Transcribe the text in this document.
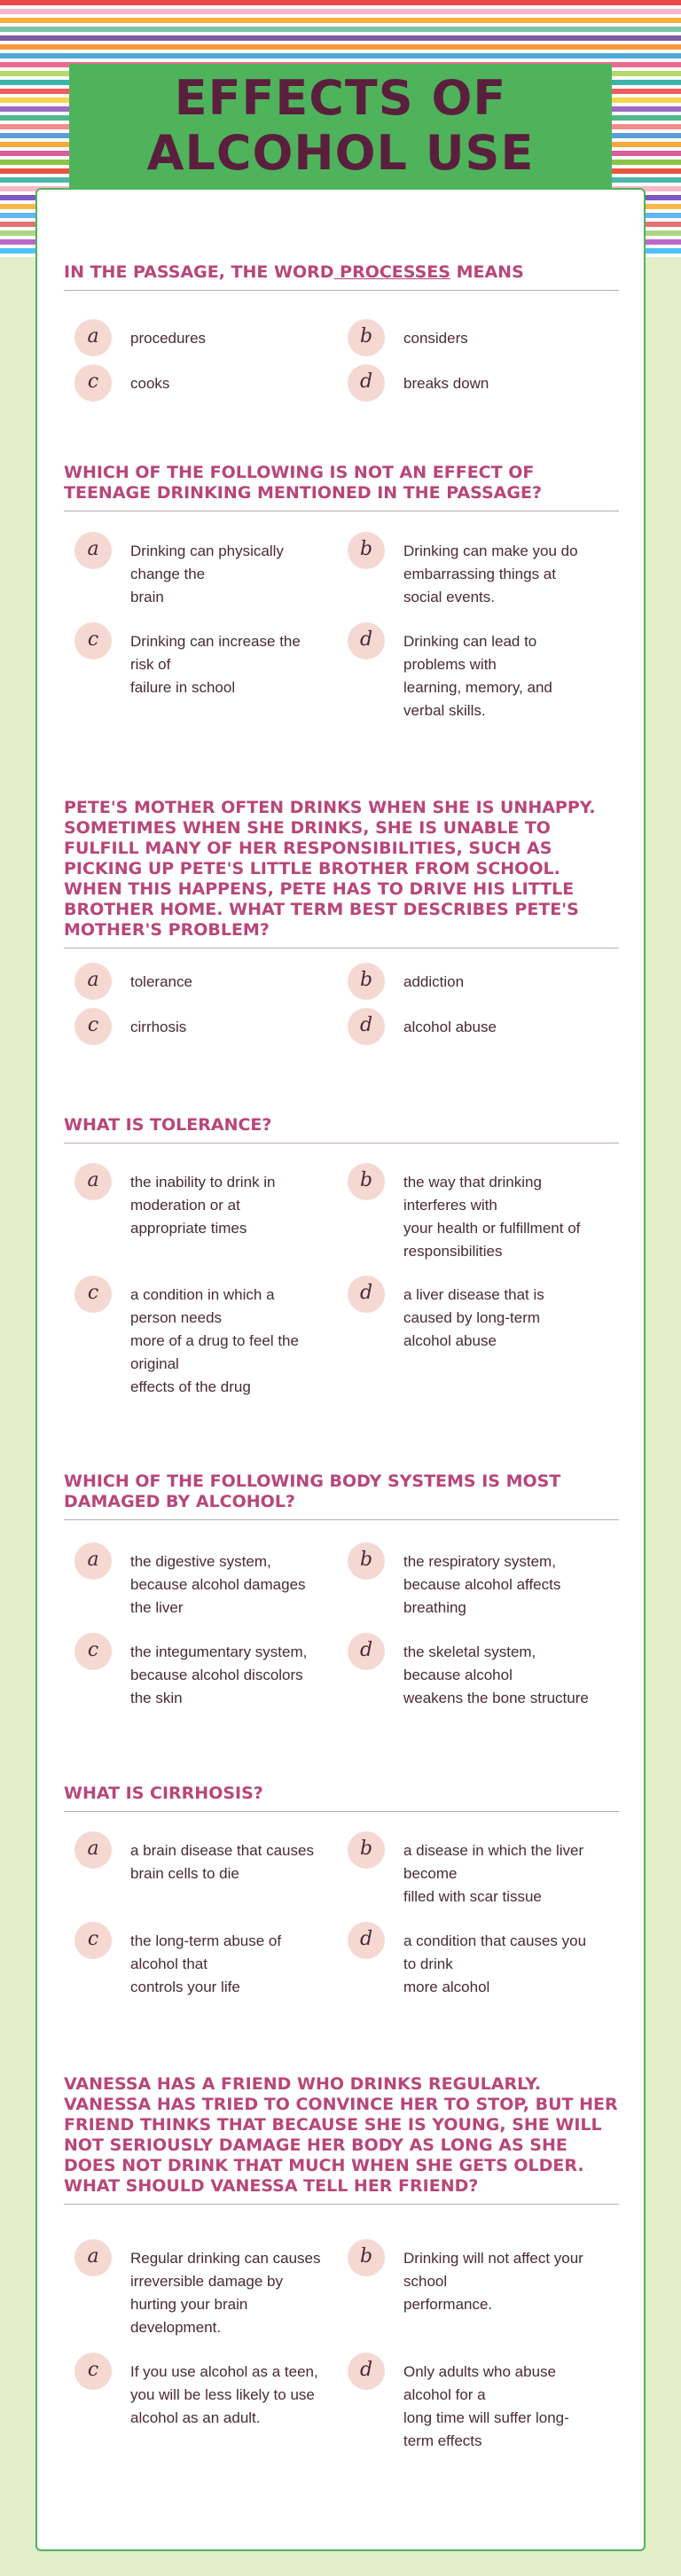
EFFECTS OF ALCOHOL USE
IN THE PASSAGE, THE WORD PROCESSES MEANS
a	procedures	b	considers
c	cooks	d	breaks down
WHICH OF THE FOLLOWING IS NOT AN EFFECT OF TEENAGE DRINKING MENTIONED IN THE PASSAGE?
a	Drinking can physically
change the
brain
b	Drinking can make you do
embarrassing things at
social events.
c	Drinking can increase the
risk of
failure in school
d	Drinking can lead to
problems with
learning, memory, and
verbal skills.
PETE'S MOTHER OFTEN DRINKS WHEN SHE IS UNHAPPY. SOMETIMES WHEN SHE DRINKS, SHE IS UNABLE TO FULFILL MANY OF HER RESPONSIBILITIES, SUCH AS PICKING UP PETE'S LITTLE BROTHER FROM SCHOOL. WHEN THIS HAPPENS, PETE HAS TO DRIVE HIS LITTLE BROTHER HOME. WHAT TERM BEST DESCRIBES PETE'S MOTHER'S PROBLEM?
a	tolerance	b	addiction
c	cirrhosis	d	alcohol abuse
WHAT IS TOLERANCE?
a	the inability to drink in
moderation or at
appropriate times
b	the way that drinking
interferes with
your health or fulfillment of
responsibilities
c	a condition in which a
person needs
more of a drug to feel the
original
effects of the drug
d	a liver disease that is
caused by long-term
alcohol abuse
WHICH OF THE FOLLOWING BODY SYSTEMS IS MOST DAMAGED BY ALCOHOL?
a	the digestive system,
because alcohol damages
the liver
b	the respiratory system,
because alcohol affects
breathing
c	the integumentary system,
because alcohol discolors
the skin
d	the skeletal system,
because alcohol
weakens the bone structure
WHAT IS CIRRHOSIS?
a	a brain disease that causes
brain cells to die
b	a disease in which the liver
become
filled with scar tissue
c	the long-term abuse of
alcohol that
controls your life
d	a condition that causes you
to drink
more alcohol
VANESSA HAS A FRIEND WHO DRINKS REGULARLY. VANESSA HAS TRIED TO CONVINCE HER TO STOP, BUT HER FRIEND THINKS THAT BECAUSE SHE IS YOUNG, SHE WILL NOT SERIOUSLY DAMAGE HER BODY AS LONG AS SHE DOES NOT DRINK THAT MUCH WHEN SHE GETS OLDER. WHAT SHOULD VANESSA TELL HER FRIEND?
a	Regular drinking can causes
irreversible damage by
hurting your brain
development.
b	Drinking will not affect your
school
performance.
c	If you use alcohol as a teen,
you will be less likely to use
alcohol as an adult.
d	Only adults who abuse
alcohol for a
long time will suffer long-
term effects
